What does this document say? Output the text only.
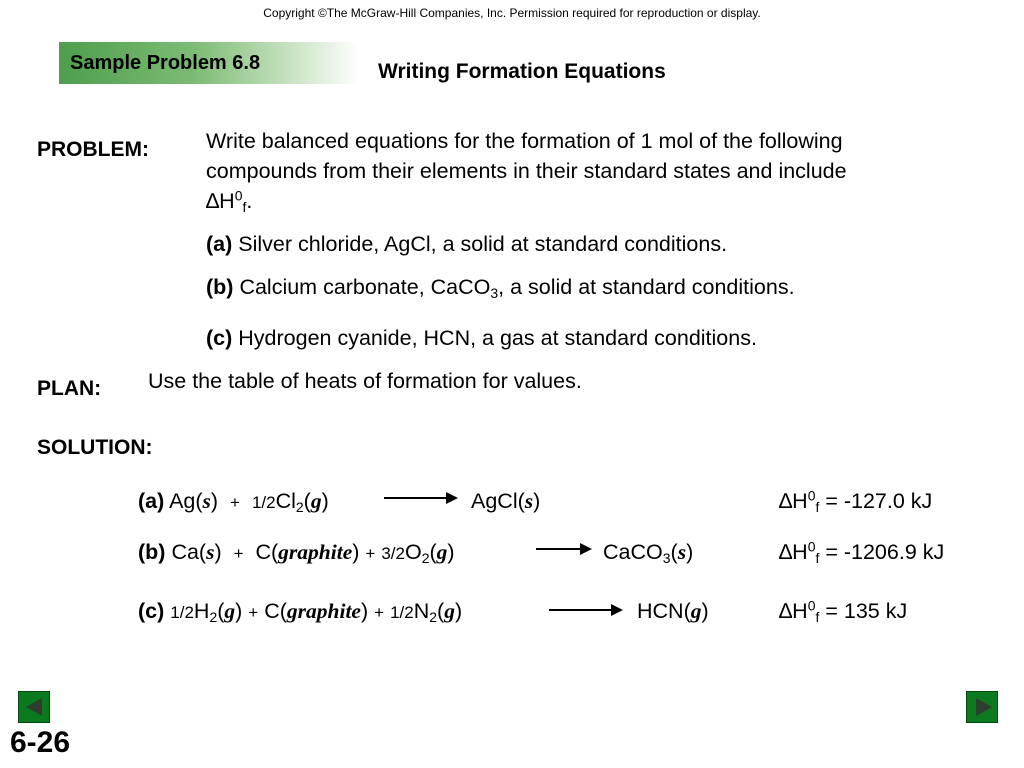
Copyright ©The McGraw-Hill Companies, Inc. Permission required for reproduction or display.
Sample Problem 6.8	Writing Formation Equations
PROBLEM:	Write balanced equations for the formation of 1 mol of the following
compounds from their elements in their standard states and include
$\Delta H^0_f$.
(a) Silver chloride, AgCl, a solid at standard conditions.
(b) Calcium carbonate, CaCO$_3$, a solid at standard conditions.
(c) Hydrogen cyanide, HCN, a gas at standard conditions.
PLAN: Use the table of heats of formation for values.
SOLUTION:
(a) $Ag(s) + 1/2Cl_2(g)$	AgCl(s)	$\Delta H^0_f = -127.0$ kJ
(b) Ca(s) + C(graphite) + $3/2O_2(g)$	CaCO$_3$(s)	$\Delta H^0_f = -1206.9$ kJ
(c) $1/2H_2(g)$ + C(graphite) + $1/2N_2(g)$	HCN(g)	$\Delta H^0_f = 135$ kJ
6-26
